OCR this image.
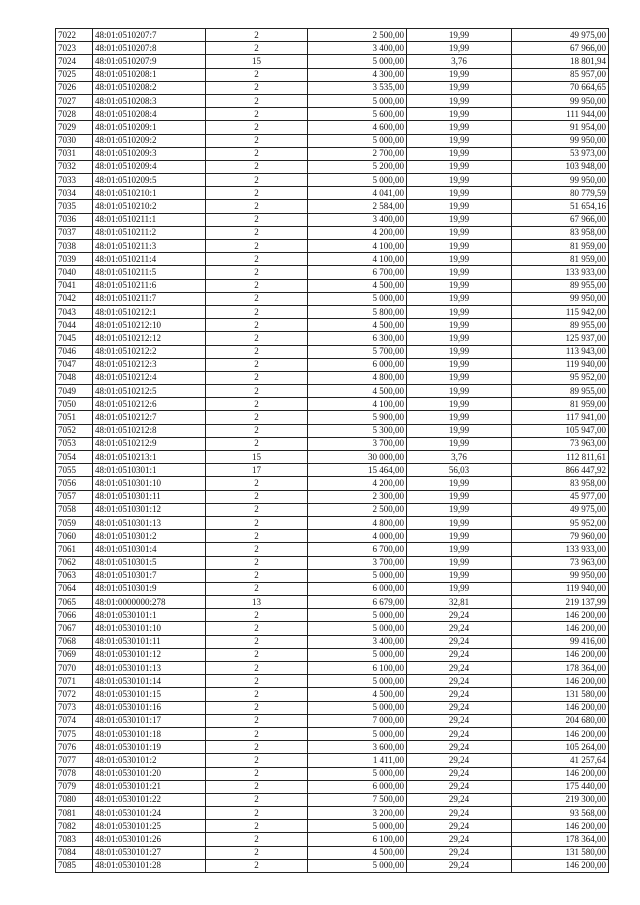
7022	48:01:0510207:7	2	2 500,00	19,99	49 975,00
7023	48:01:0510207:8	2	3 400,00	19,99	67 966,00
7024	48:01:0510207:9	15	5 000,00	3,76	18 801,94
7025	48:01:0510208:1	2	4 300,00	19,99	85 957,00
7026	48:01:0510208:2	2	3 535,00	19,99	70 664,65
7027	48:01:0510208:3	2	5 000,00	19,99	99 950,00
7028	48:01:0510208:4	2	5 600,00	19,99	111 944,00
7029	48:01:0510209:1	2	4 600,00	19,99	91 954,00
7030	48:01:0510209:2	2	5 000,00	19,99	99 950,00
7031	48:01:0510209:3	2	2 700,00	19,99	53 973,00
7032	48:01:0510209:4	2	5 200,00	19,99	103 948,00
7033	48:01:0510209:5	2	5 000,00	19,99	99 950,00
7034	48:01:0510210:1	2	4 041,00	19,99	80 779,59
7035	48:01:0510210:2	2	2 584,00	19,99	51 654,16
7036	48:01:0510211:1	2	3 400,00	19,99	67 966,00
7037	48:01:0510211:2	2	4 200,00	19,99	83 958,00
7038	48:01:0510211:3	2	4 100,00	19,99	81 959,00
7039	48:01:0510211:4	2	4 100,00	19,99	81 959,00
7040	48:01:0510211:5	2	6 700,00	19,99	133 933,00
7041	48:01:0510211:6	2	4 500,00	19,99	89 955,00
7042	48:01:0510211:7	2	5 000,00	19,99	99 950,00
7043	48:01:0510212:1	2	5 800,00	19,99	115 942,00
7044	48:01:0510212:10	2	4 500,00	19,99	89 955,00
7045	48:01:0510212:12	2	6 300,00	19,99	125 937,00
7046	48:01:0510212:2	2	5 700,00	19,99	113 943,00
7047	48:01:0510212:3	2	6 000,00	19,99	119 940,00
7048	48:01:0510212:4	2	4 800,00	19,99	95 952,00
7049	48:01:0510212:5	2	4 500,00	19,99	89 955,00
7050	48:01:0510212:6	2	4 100,00	19,99	81 959,00
7051	48:01:0510212:7	2	5 900,00	19,99	117 941,00
7052	48:01:0510212:8	2	5 300,00	19,99	105 947,00
7053	48:01:0510212:9	2	3 700,00	19,99	73 963,00
7054	48:01:0510213:1	15	30 000,00	3,76	112 811,61
7055	48:01:0510301:1	17	15 464,00	56,03	866 447,92
7056	48:01:0510301:10	2	4 200,00	19,99	83 958,00
7057	48:01:0510301:11	2	2 300,00	19,99	45 977,00
7058	48:01:0510301:12	2	2 500,00	19,99	49 975,00
7059	48:01:0510301:13	2	4 800,00	19,99	95 952,00
7060	48:01:0510301:2	2	4 000,00	19,99	79 960,00
7061	48:01:0510301:4	2	6 700,00	19,99	133 933,00
7062	48:01:0510301:5	2	3 700,00	19,99	73 963,00
7063	48:01:0510301:7	2	5 000,00	19,99	99 950,00
7064	48:01:0510301:9	2	6 000,00	19,99	119 940,00
7065	48:01:0000000:278	13	6 679,00	32,81	219 137,99
7066	48:01:0530101:1	2	5 000,00	29,24	146 200,00
7067	48:01:0530101:10	2	5 000,00	29,24	146 200,00
7068	48:01:0530101:11	2	3 400,00	29,24	99 416,00
7069	48:01:0530101:12	2	5 000,00	29,24	146 200,00
7070	48:01:0530101:13	2	6 100,00	29,24	178 364,00
7071	48:01:0530101:14	2	5 000,00	29,24	146 200,00
7072	48:01:0530101:15	2	4 500,00	29,24	131 580,00
7073	48:01:0530101:16	2	5 000,00	29,24	146 200,00
7074	48:01:0530101:17	2	7 000,00	29,24	204 680,00
7075	48:01:0530101:18	2	5 000,00	29,24	146 200,00
7076	48:01:0530101:19	2	3 600,00	29,24	105 264,00
7077	48:01:0530101:2	2	1 411,00	29,24	41 257,64
7078	48:01:0530101:20	2	5 000,00	29,24	146 200,00
7079	48:01:0530101:21	2	6 000,00	29,24	175 440,00
7080	48:01:0530101:22	2	7 500,00	29,24	219 300,00
7081	48:01:0530101:24	2	3 200,00	29,24	93 568,00
7082	48:01:0530101:25	2	5 000,00	29,24	146 200,00
7083	48:01:0530101:26	2	6 100,00	29,24	178 364,00
7084	48:01:0530101:27	2	4 500,00	29,24	131 580,00
7085	48:01:0530101:28	2	5 000,00	29,24	146 200,00
